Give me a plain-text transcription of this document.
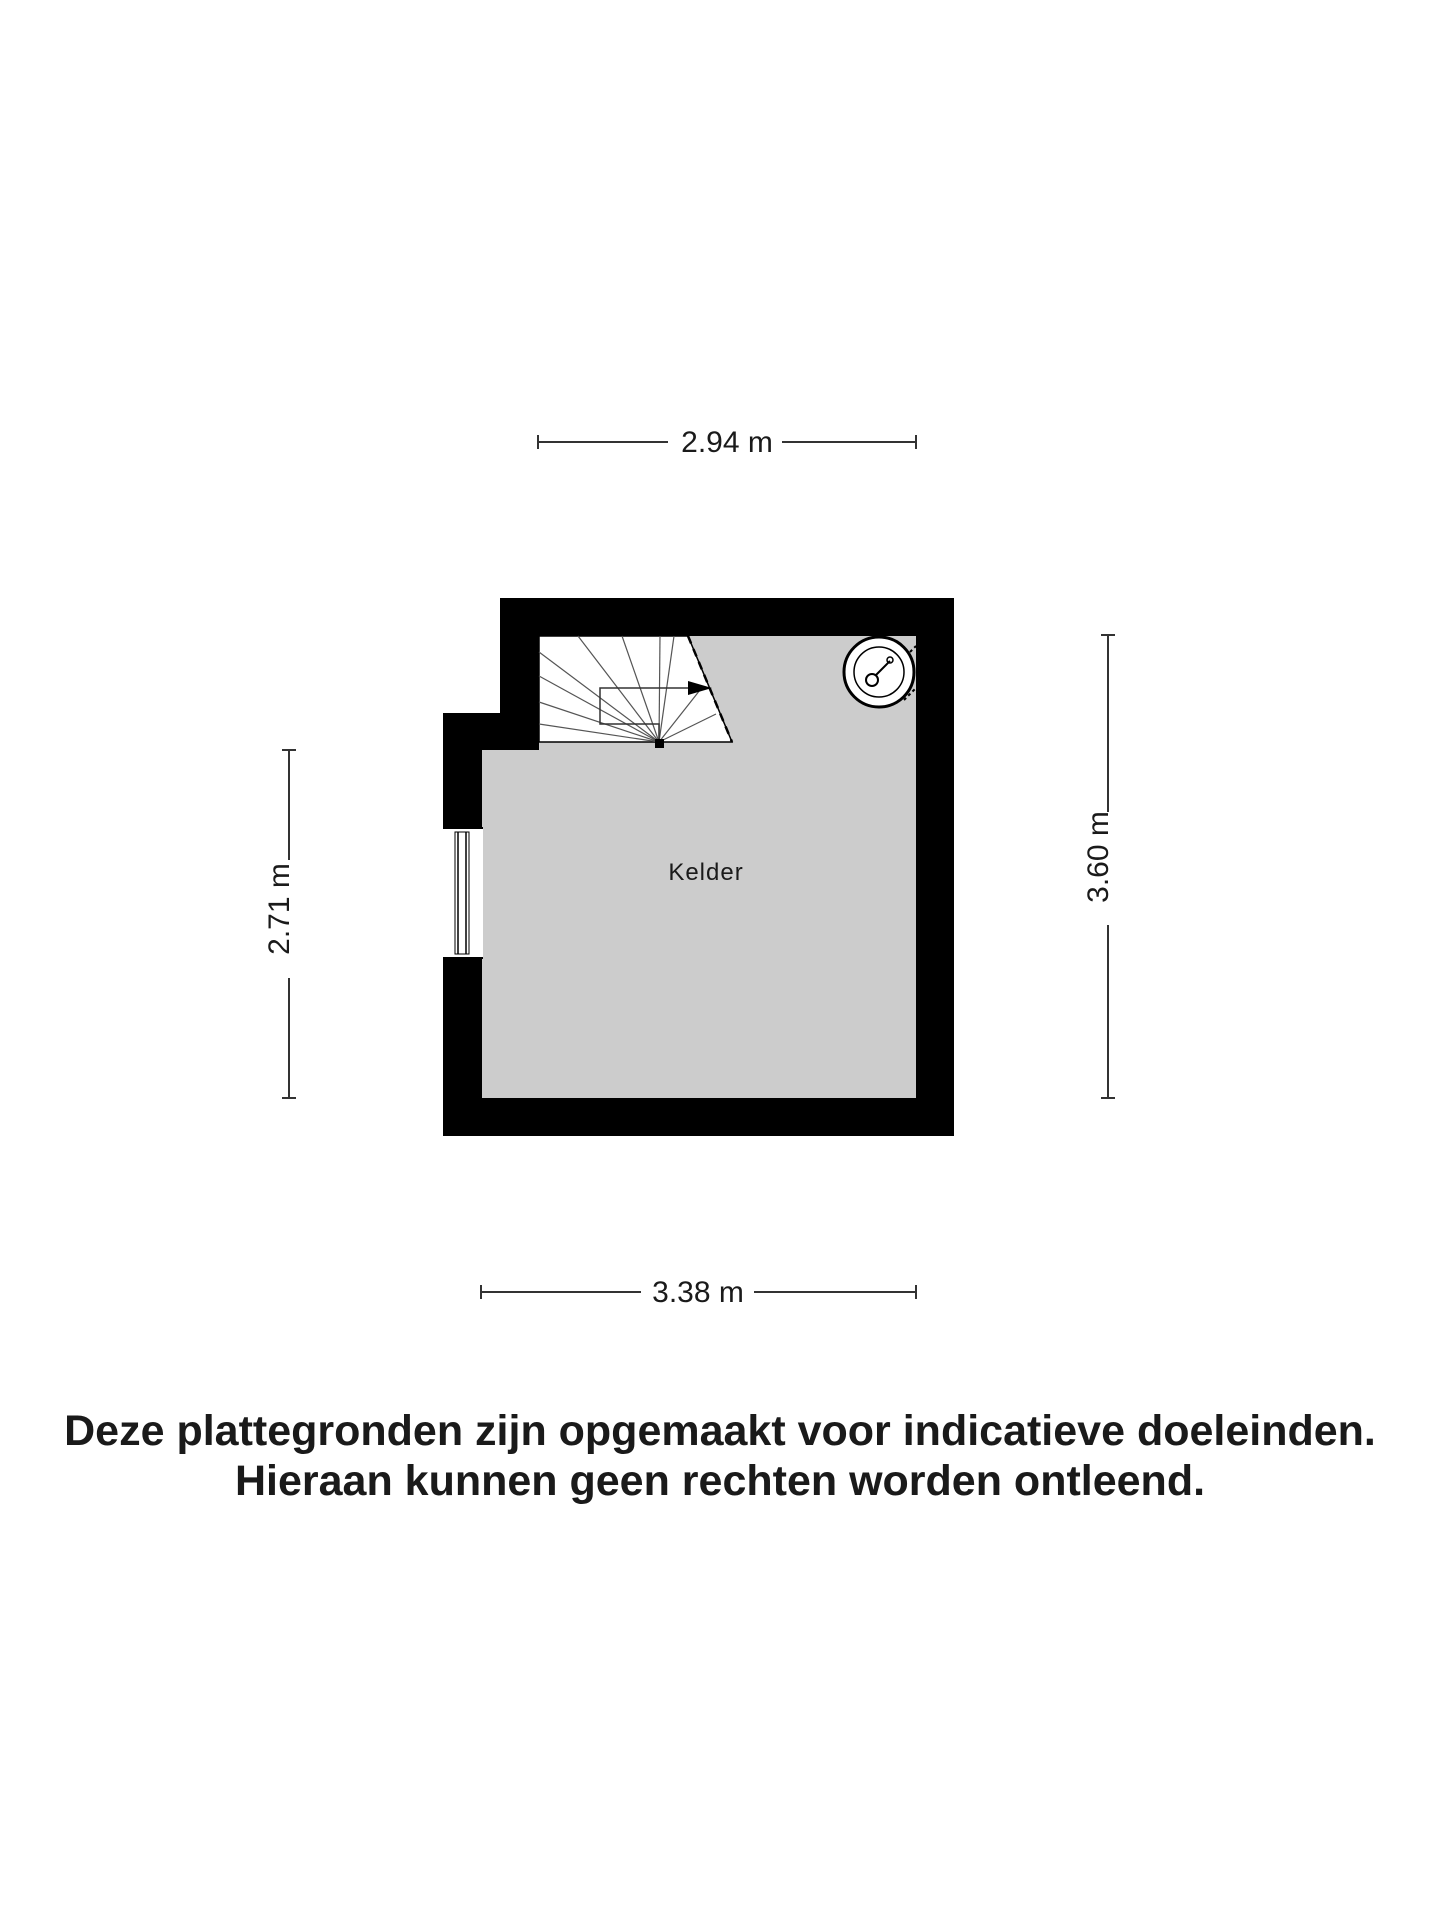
2.94 m
3.38 m
2.71 m
3.60 m
Kelder
Deze plattegronden zijn opgemaakt voor indicatieve doeleinden.
Hieraan kunnen geen rechten worden ontleend.
